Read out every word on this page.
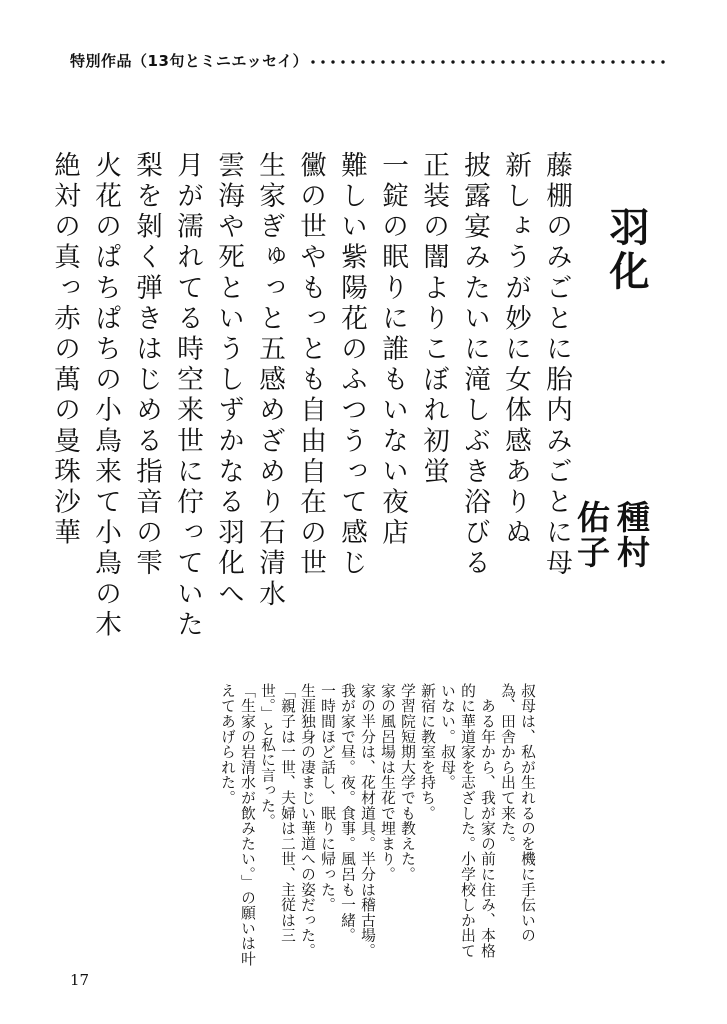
特別作品（13句とミニエッセイ）
羽化
種村
佑子
藤棚のみごとに胎内みごとに母
新しょうが妙に女体感ありぬ
披露宴みたいに滝しぶき浴びる
正装の闇よりこぼれ初蛍
一錠の眠りに誰もいない夜店
難しい紫陽花のふつうって感じ
黴の世やもっとも自由自在の世
生家ぎゅっと五感めざめり石清水
雲海や死というしずかなる羽化へ
月が濡れてる時空来世に佇っていた
梨を剝く弾きはじめる指音の雫
火花のぱちぱちの小鳥来て小鳥の木
絶対の真っ赤の萬の曼珠沙華
叔母は、私が生れるのを機に手伝いの
為、田舎から出て来た。
　ある年から、我が家の前に住み、本格
的に華道家を志ざした。小学校しか出て
いない。叔母。
新宿に教室を持ち。
学習院短期大学でも教えた。
家の風呂場は生花で埋まり。
家の半分は、花材道具。半分は稽古場。
我が家で昼。夜。食事。風呂も一緒。
一時間ほど話し、眠りに帰った。
生涯独身の凄まじい華道への姿だった。
「親子は一世、夫婦は二世、主従は三
世。」と私に言った。
「生家の岩清水が飲みたい。」の願いは叶
えてあげられた。
17
